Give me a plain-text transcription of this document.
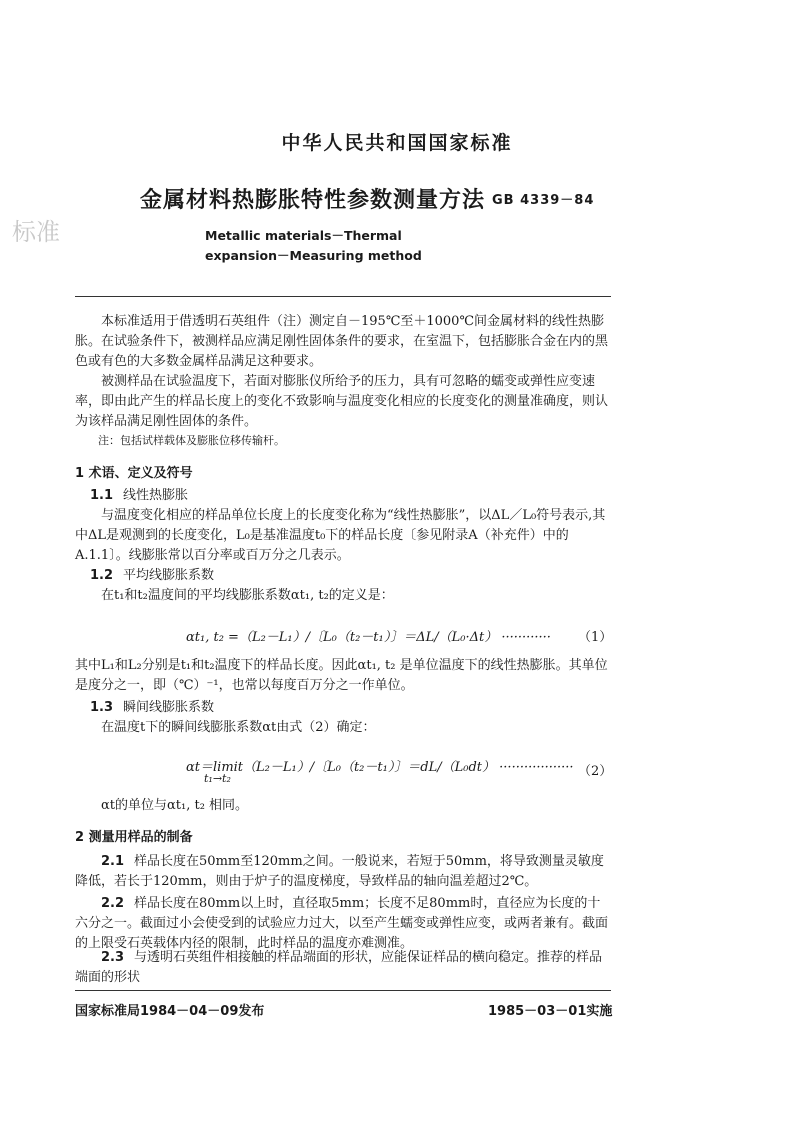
中华人民共和国国家标准
金属材料热膨胀特性参数测量方法 GB 4339－84
标准	Metallic materials－Thermal
expansion－Measuring method
本标准适用于借透明石英组件（注）测定自－195℃至＋1000℃间金属材料的线性热膨胀。在试验条件下，被测样品应满足刚性固体条件的要求，在室温下，包括膨胀合金在内的黑色或有色的大多数金属样品满足这种要求。
被测样品在试验温度下，若面对膨胀仪所给予的压力，具有可忽略的蠕变或弹性应变速率，即由此产生的样品长度上的变化不致影响与温度变化相应的长度变化的测量准确度，则认为该样品满足刚性固体的条件。
注：包括试样载体及膨胀位移传输杆。
1 术语、定义及符号
1.1 线性热膨胀
与温度变化相应的样品单位长度上的长度变化称为“线性热膨胀”，以ΔL／L₀符号表示,其中ΔL是观测到的长度变化，L₀是基准温度t₀下的样品长度〔参见附录A（补充件）中的A.1.1〕。线膨胀常以百分率或百万分之几表示。
1.2 平均线膨胀系数
在t₁和t₂温度间的平均线膨胀系数αt₁, t₂的定义是：
αt₁, t₂ =（L₂－L₁）/〔L₀（t₂－t₁）〕＝ΔL/（L₀·Δt） ············ （1）
其中L₁和L₂分别是t₁和t₂温度下的样品长度。因此αt₁, t₂ 是单位温度下的线性热膨胀。其单位是度分之一，即（℃）⁻¹，也常以每度百万分之一作单位。
1.3 瞬间线膨胀系数
在温度t下的瞬间线膨胀系数αt由式（2）确定：
αt＝limit（L₂－L₁）/〔L₀（t₂－t₁）〕＝dL/（L₀dt） ··················
t₁→t₂	（2）
αt的单位与αt₁, t₂ 相同。
2 测量用样品的制备
2.1 样品长度在50mm至120mm之间。一般说来，若短于50mm，将导致测量灵敏度降低，若长于120mm，则由于炉子的温度梯度，导致样品的轴向温差超过2℃。
2.2 样品长度在80mm以上时，直径取5mm；长度不足80mm时，直径应为长度的十六分之一。截面过小会使受到的试验应力过大，以至产生蠕变或弹性应变，或两者兼有。截面的上限受石英载体内径的限制，此时样品的温度亦难测准。
2.3 与透明石英组件相接触的样品端面的形状，应能保证样品的横向稳定。推荐的样品端面的形状
国家标准局1984－04－09发布	1985－03－01实施
